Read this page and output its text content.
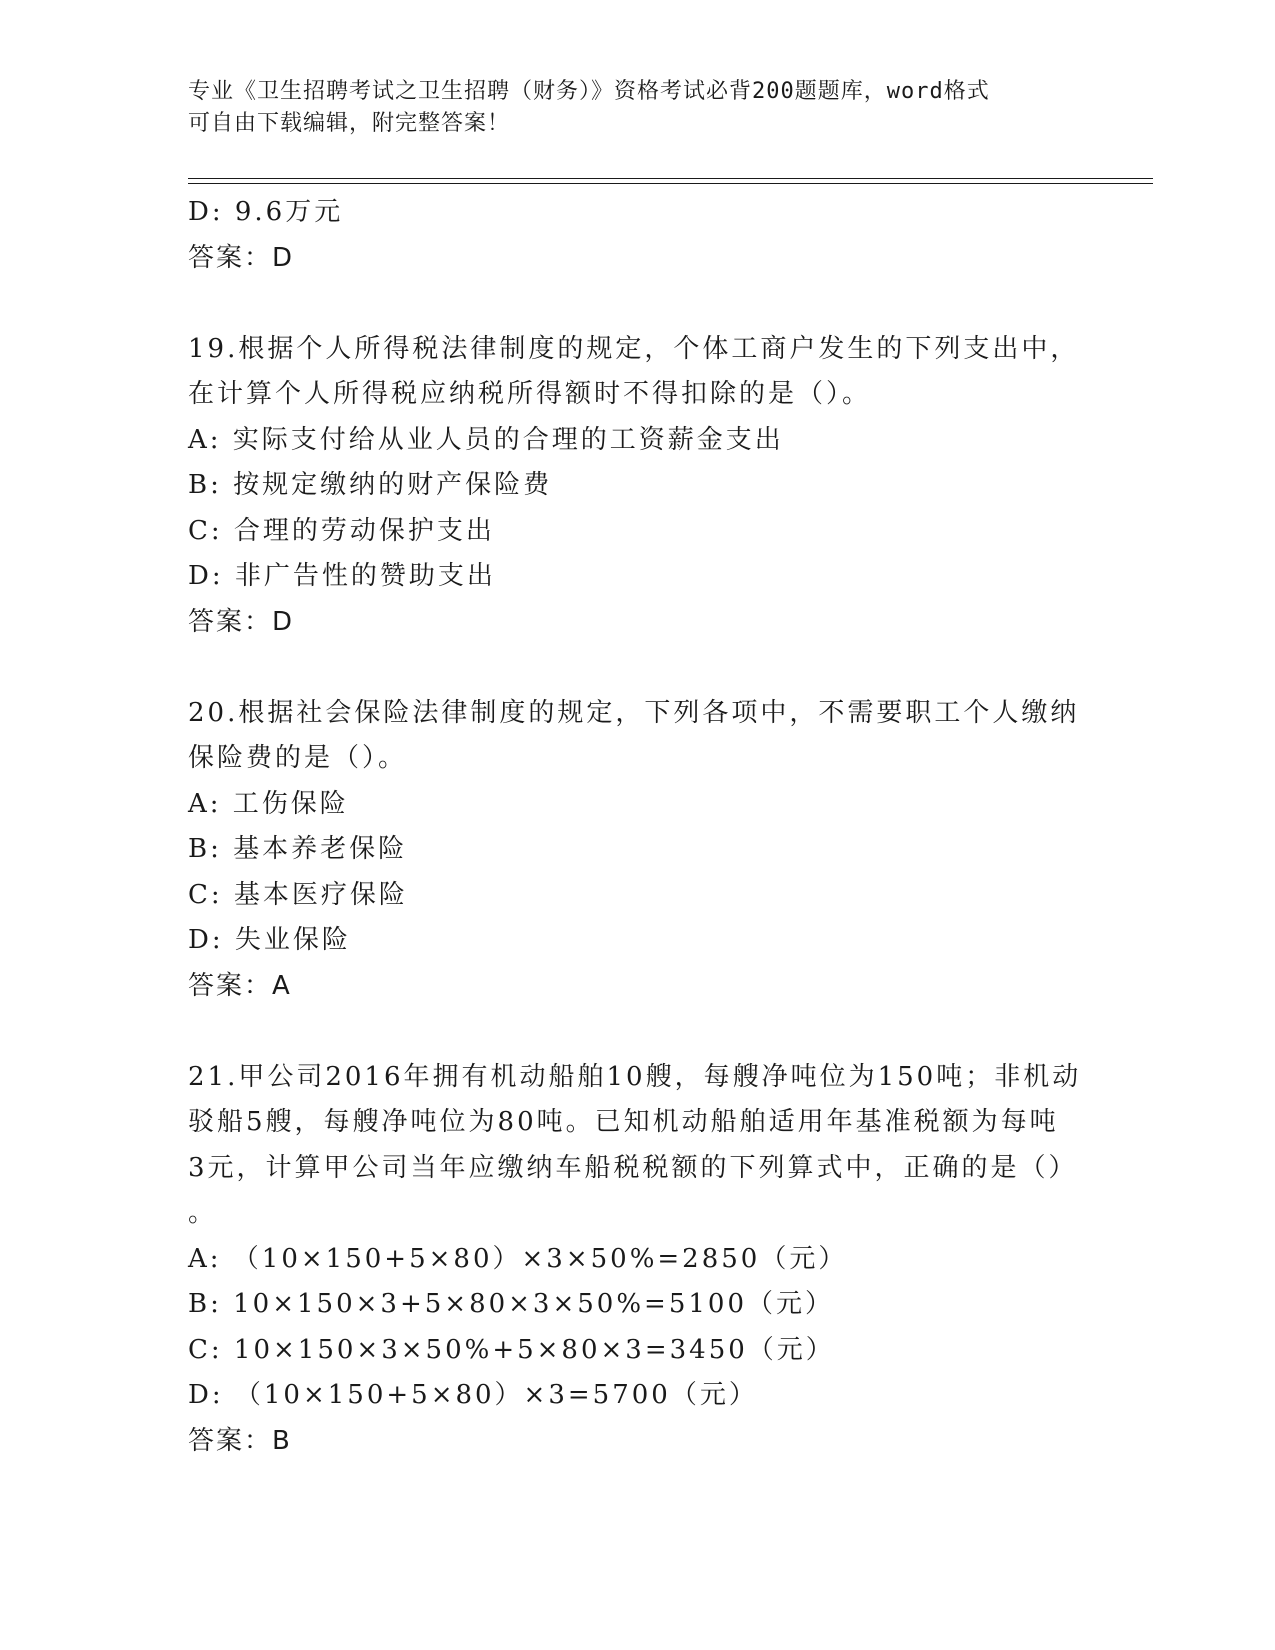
专业《卫生招聘考试之卫生招聘（财务）》资格考试必背200题题库，word格式
可自由下载编辑，附完整答案！
D: 9.6万元
答案：D
19.根据个人所得税法律制度的规定，个体工商户发生的下列支出中，
在计算个人所得税应纳税所得额时不得扣除的是（）。
A: 实际支付给从业人员的合理的工资薪金支出
B: 按规定缴纳的财产保险费
C: 合理的劳动保护支出
D: 非广告性的赞助支出
答案：D
20.根据社会保险法律制度的规定，下列各项中，不需要职工个人缴纳
保险费的是（）。
A: 工伤保险
B: 基本养老保险
C: 基本医疗保险
D: 失业保险
答案：A
21.甲公司2016年拥有机动船舶10艘，每艘净吨位为150吨；非机动
驳船5艘，每艘净吨位为80吨。已知机动船舶适用年基准税额为每吨
3元，计算甲公司当年应缴纳车船税税额的下列算式中，正确的是（）
。
A: （10×150+5×80）×3×50%=2850（元）
B: 10×150×3+5×80×3×50%=5100（元）
C: 10×150×3×50%+5×80×3=3450（元）
D: （10×150+5×80）×3=5700（元）
答案：B
